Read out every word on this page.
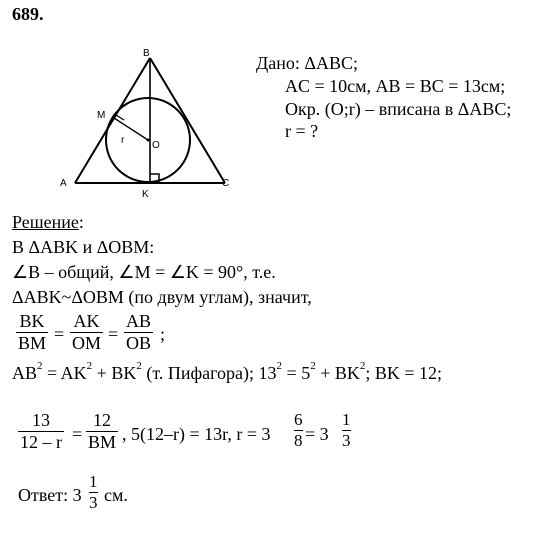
689.
B
M
r	O
A
K
C
Дано: ΔABC;
AC = 10см, AB = BC = 13см;
Окр. (O;r) – вписана в ΔABC;
r = ?
Решение:
В ΔABK и ΔOBM:
∠B – общий, ∠M = ∠K = 90°, т.е.
ΔABK~ΔOBM (по двум углам), значит,
BK
BM =
AK
OM =
AB
OB ;
$AB^2 = AK^2 + BK^2$ (т. Пифагора); $13^2 = 5^2 + BK^2$; BK = 12;
13
12 – r =
12
BM , 5(12–r) = 13r, r = 3
6
8 = 3
1
3
Ответ: 3
1
3 см.
